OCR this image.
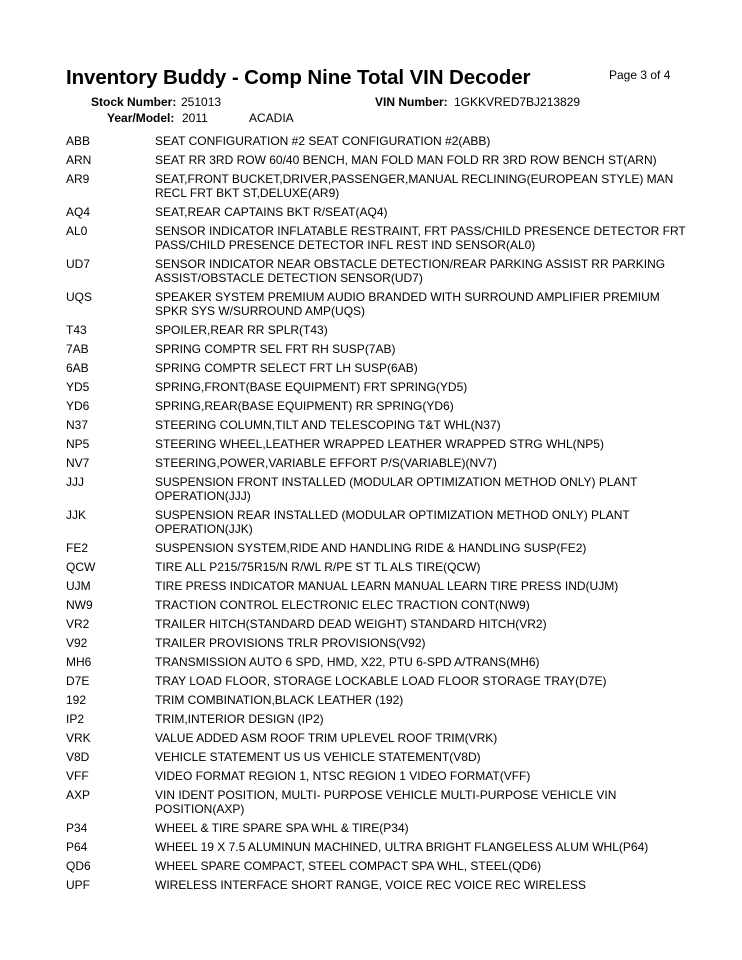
Inventory Buddy - Comp Nine Total VIN Decoder	Page 3 of 4
Stock Number: 251013	VIN Number: 1GKKVRED7BJ213829
Year/Model: 2011	ACADIA
ABB	SEAT CONFIGURATION #2 SEAT CONFIGURATION #2(ABB)
ARN	SEAT RR 3RD ROW 60/40 BENCH, MAN FOLD MAN FOLD RR 3RD ROW BENCH ST(ARN)
AR9	SEAT,FRONT BUCKET,DRIVER,PASSENGER,MANUAL RECLINING(EUROPEAN STYLE) MAN RECL FRT BKT ST,DELUXE(AR9)
AQ4	SEAT,REAR CAPTAINS BKT R/SEAT(AQ4)
AL0	SENSOR INDICATOR INFLATABLE RESTRAINT, FRT PASS/CHILD PRESENCE DETECTOR FRT PASS/CHILD PRESENCE DETECTOR INFL REST IND SENSOR(AL0)
UD7	SENSOR INDICATOR NEAR OBSTACLE DETECTION/REAR PARKING ASSIST RR PARKING ASSIST/OBSTACLE DETECTION SENSOR(UD7)
UQS	SPEAKER SYSTEM PREMIUM AUDIO BRANDED WITH SURROUND AMPLIFIER PREMIUM SPKR SYS W/SURROUND AMP(UQS)
T43	SPOILER,REAR RR SPLR(T43)
7AB	SPRING COMPTR SEL FRT RH SUSP(7AB)
6AB	SPRING COMPTR SELECT FRT LH SUSP(6AB)
YD5	SPRING,FRONT(BASE EQUIPMENT) FRT SPRING(YD5)
YD6	SPRING,REAR(BASE EQUIPMENT) RR SPRING(YD6)
N37	STEERING COLUMN,TILT AND TELESCOPING T&T WHL(N37)
NP5	STEERING WHEEL,LEATHER WRAPPED LEATHER WRAPPED STRG WHL(NP5)
NV7	STEERING,POWER,VARIABLE EFFORT P/S(VARIABLE)(NV7)
JJJ	SUSPENSION FRONT INSTALLED (MODULAR OPTIMIZATION METHOD ONLY) PLANT OPERATION(JJJ)
JJK	SUSPENSION REAR INSTALLED (MODULAR OPTIMIZATION METHOD ONLY) PLANT OPERATION(JJK)
FE2	SUSPENSION SYSTEM,RIDE AND HANDLING RIDE & HANDLING SUSP(FE2)
QCW	TIRE ALL P215/75R15/N R/WL R/PE ST TL ALS TIRE(QCW)
UJM	TIRE PRESS INDICATOR MANUAL LEARN MANUAL LEARN TIRE PRESS IND(UJM)
NW9	TRACTION CONTROL ELECTRONIC ELEC TRACTION CONT(NW9)
VR2	TRAILER HITCH(STANDARD DEAD WEIGHT) STANDARD HITCH(VR2)
V92	TRAILER PROVISIONS TRLR PROVISIONS(V92)
MH6	TRANSMISSION AUTO 6 SPD, HMD, X22, PTU 6-SPD A/TRANS(MH6)
D7E	TRAY LOAD FLOOR, STORAGE LOCKABLE LOAD FLOOR STORAGE TRAY(D7E)
192	TRIM COMBINATION,BLACK LEATHER (192)
IP2	TRIM,INTERIOR DESIGN (IP2)
VRK	VALUE ADDED ASM ROOF TRIM UPLEVEL ROOF TRIM(VRK)
V8D	VEHICLE STATEMENT US US VEHICLE STATEMENT(V8D)
VFF	VIDEO FORMAT REGION 1, NTSC REGION 1 VIDEO FORMAT(VFF)
AXP	VIN IDENT POSITION, MULTI- PURPOSE VEHICLE MULTI-PURPOSE VEHICLE VIN POSITION(AXP)
P34	WHEEL & TIRE SPARE SPA WHL & TIRE(P34)
P64	WHEEL 19 X 7.5 ALUMINUN MACHINED, ULTRA BRIGHT FLANGELESS ALUM WHL(P64)
QD6	WHEEL SPARE COMPACT, STEEL COMPACT SPA WHL, STEEL(QD6)
UPF	WIRELESS INTERFACE SHORT RANGE, VOICE REC VOICE REC WIRELESS
